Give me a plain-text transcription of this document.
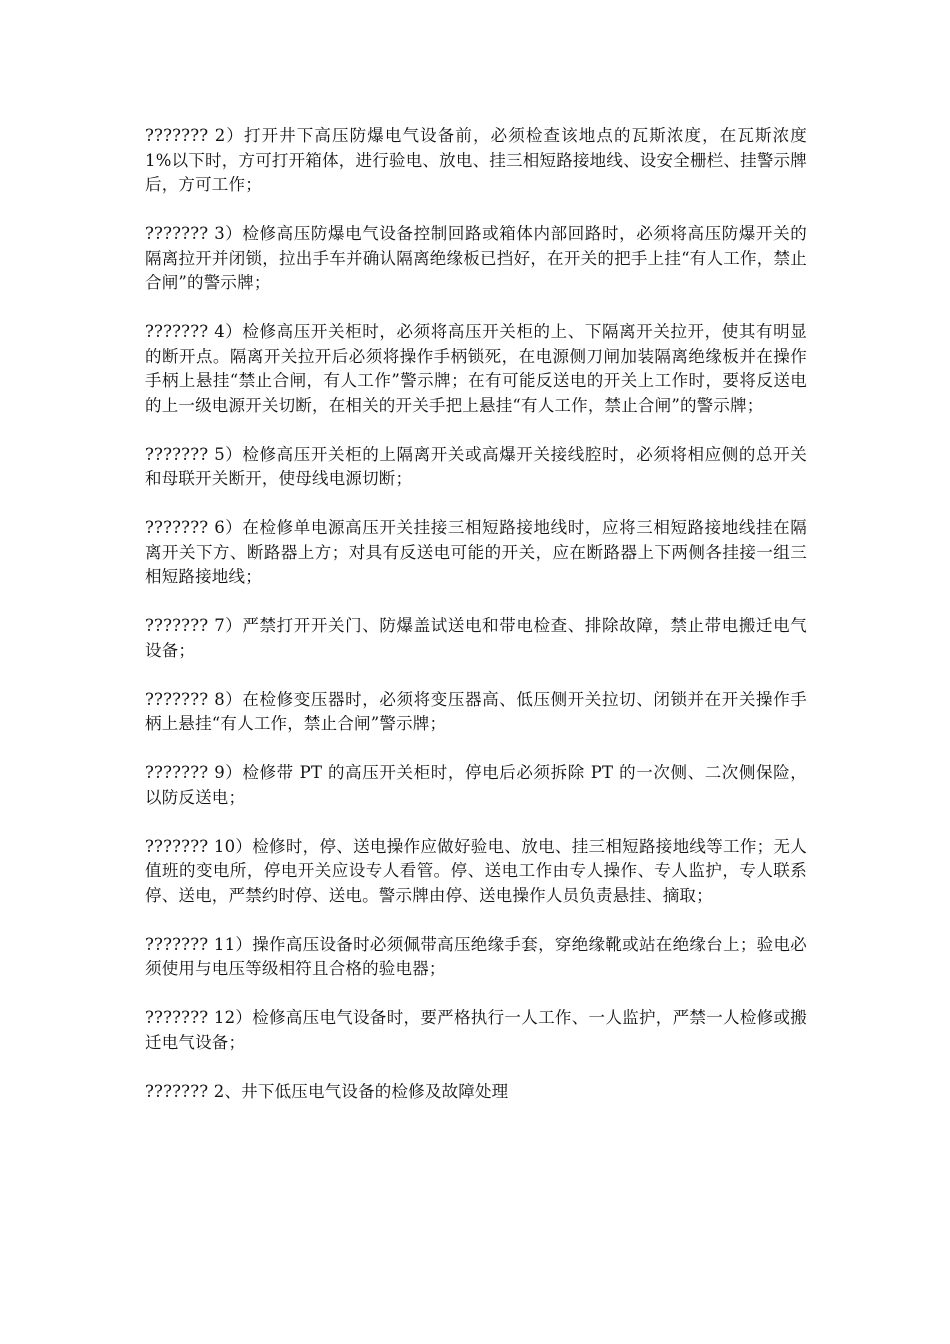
??????? 2）打开井下高压防爆电气设备前，必须检查该地点的瓦斯浓度，在瓦斯浓度 1%以下时，方可打开箱体，进行验电、放电、挂三相短路接地线、设安全栅栏、挂警示牌后，方可工作；

??????? 3）检修高压防爆电气设备控制回路或箱体内部回路时，必须将高压防爆开关的隔离拉开并闭锁，拉出手车并确认隔离绝缘板已挡好，在开关的把手上挂“有人工作，禁止合闸”的警示牌；

??????? 4）检修高压开关柜时，必须将高压开关柜的上、下隔离开关拉开，使其有明显的断开点。隔离开关拉开后必须将操作手柄锁死，在电源侧刀闸加装隔离绝缘板并在操作手柄上悬挂“禁止合闸，有人工作”警示牌；在有可能反送电的开关上工作时，要将反送电的上一级电源开关切断，在相关的开关手把上悬挂“有人工作，禁止合闸”的警示牌；

??????? 5）检修高压开关柜的上隔离开关或高爆开关接线腔时，必须将相应侧的总开关和母联开关断开，使母线电源切断；

??????? 6）在检修单电源高压开关挂接三相短路接地线时，应将三相短路接地线挂在隔离开关下方、断路器上方；对具有反送电可能的开关，应在断路器上下两侧各挂接一组三相短路接地线；

??????? 7）严禁打开开关门、防爆盖试送电和带电检查、排除故障，禁止带电搬迁电气设备；

??????? 8）在检修变压器时，必须将变压器高、低压侧开关拉切、闭锁并在开关操作手柄上悬挂“有人工作，禁止合闸”警示牌；

??????? 9）检修带 PT 的高压开关柜时，停电后必须拆除 PT 的一次侧、二次侧保险，以防反送电；

??????? 10）检修时，停、送电操作应做好验电、放电、挂三相短路接地线等工作；无人值班的变电所，停电开关应设专人看管。停、送电工作由专人操作、专人监护，专人联系停、送电，严禁约时停、送电。警示牌由停、送电操作人员负责悬挂、摘取；

??????? 11）操作高压设备时必须佩带高压绝缘手套，穿绝缘靴或站在绝缘台上；验电必须使用与电压等级相符且合格的验电器；

??????? 12）检修高压电气设备时，要严格执行一人工作、一人监护，严禁一人检修或搬迁电气设备；

??????? 2、井下低压电气设备的检修及故障处理
